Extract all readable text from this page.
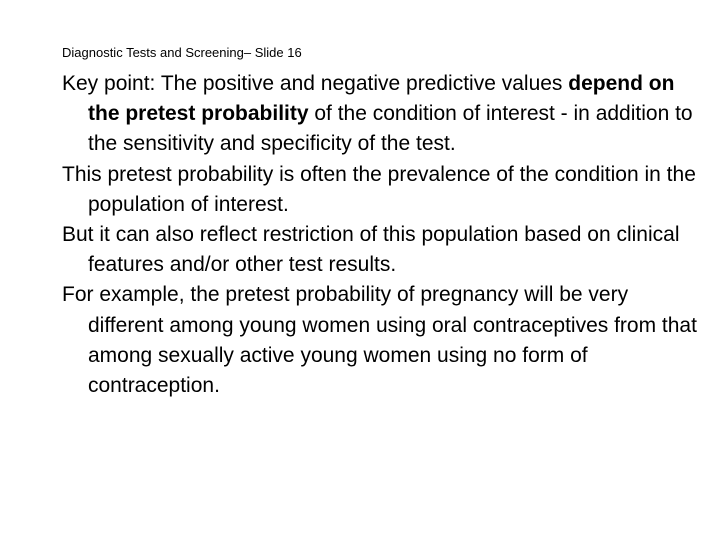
Diagnostic Tests and Screening– Slide 16

Key point: The positive and negative predictive values depend on the pretest probability of the condition of interest - in addition to the sensitivity and specificity of the test.

This pretest probability is often the prevalence of the condition in the population of interest.

But it can also reflect restriction of this population based on clinical features and/or other test results.

For example, the pretest probability of pregnancy will be very different among young women using oral contraceptives from that among sexually active young women using no form of contraception.
